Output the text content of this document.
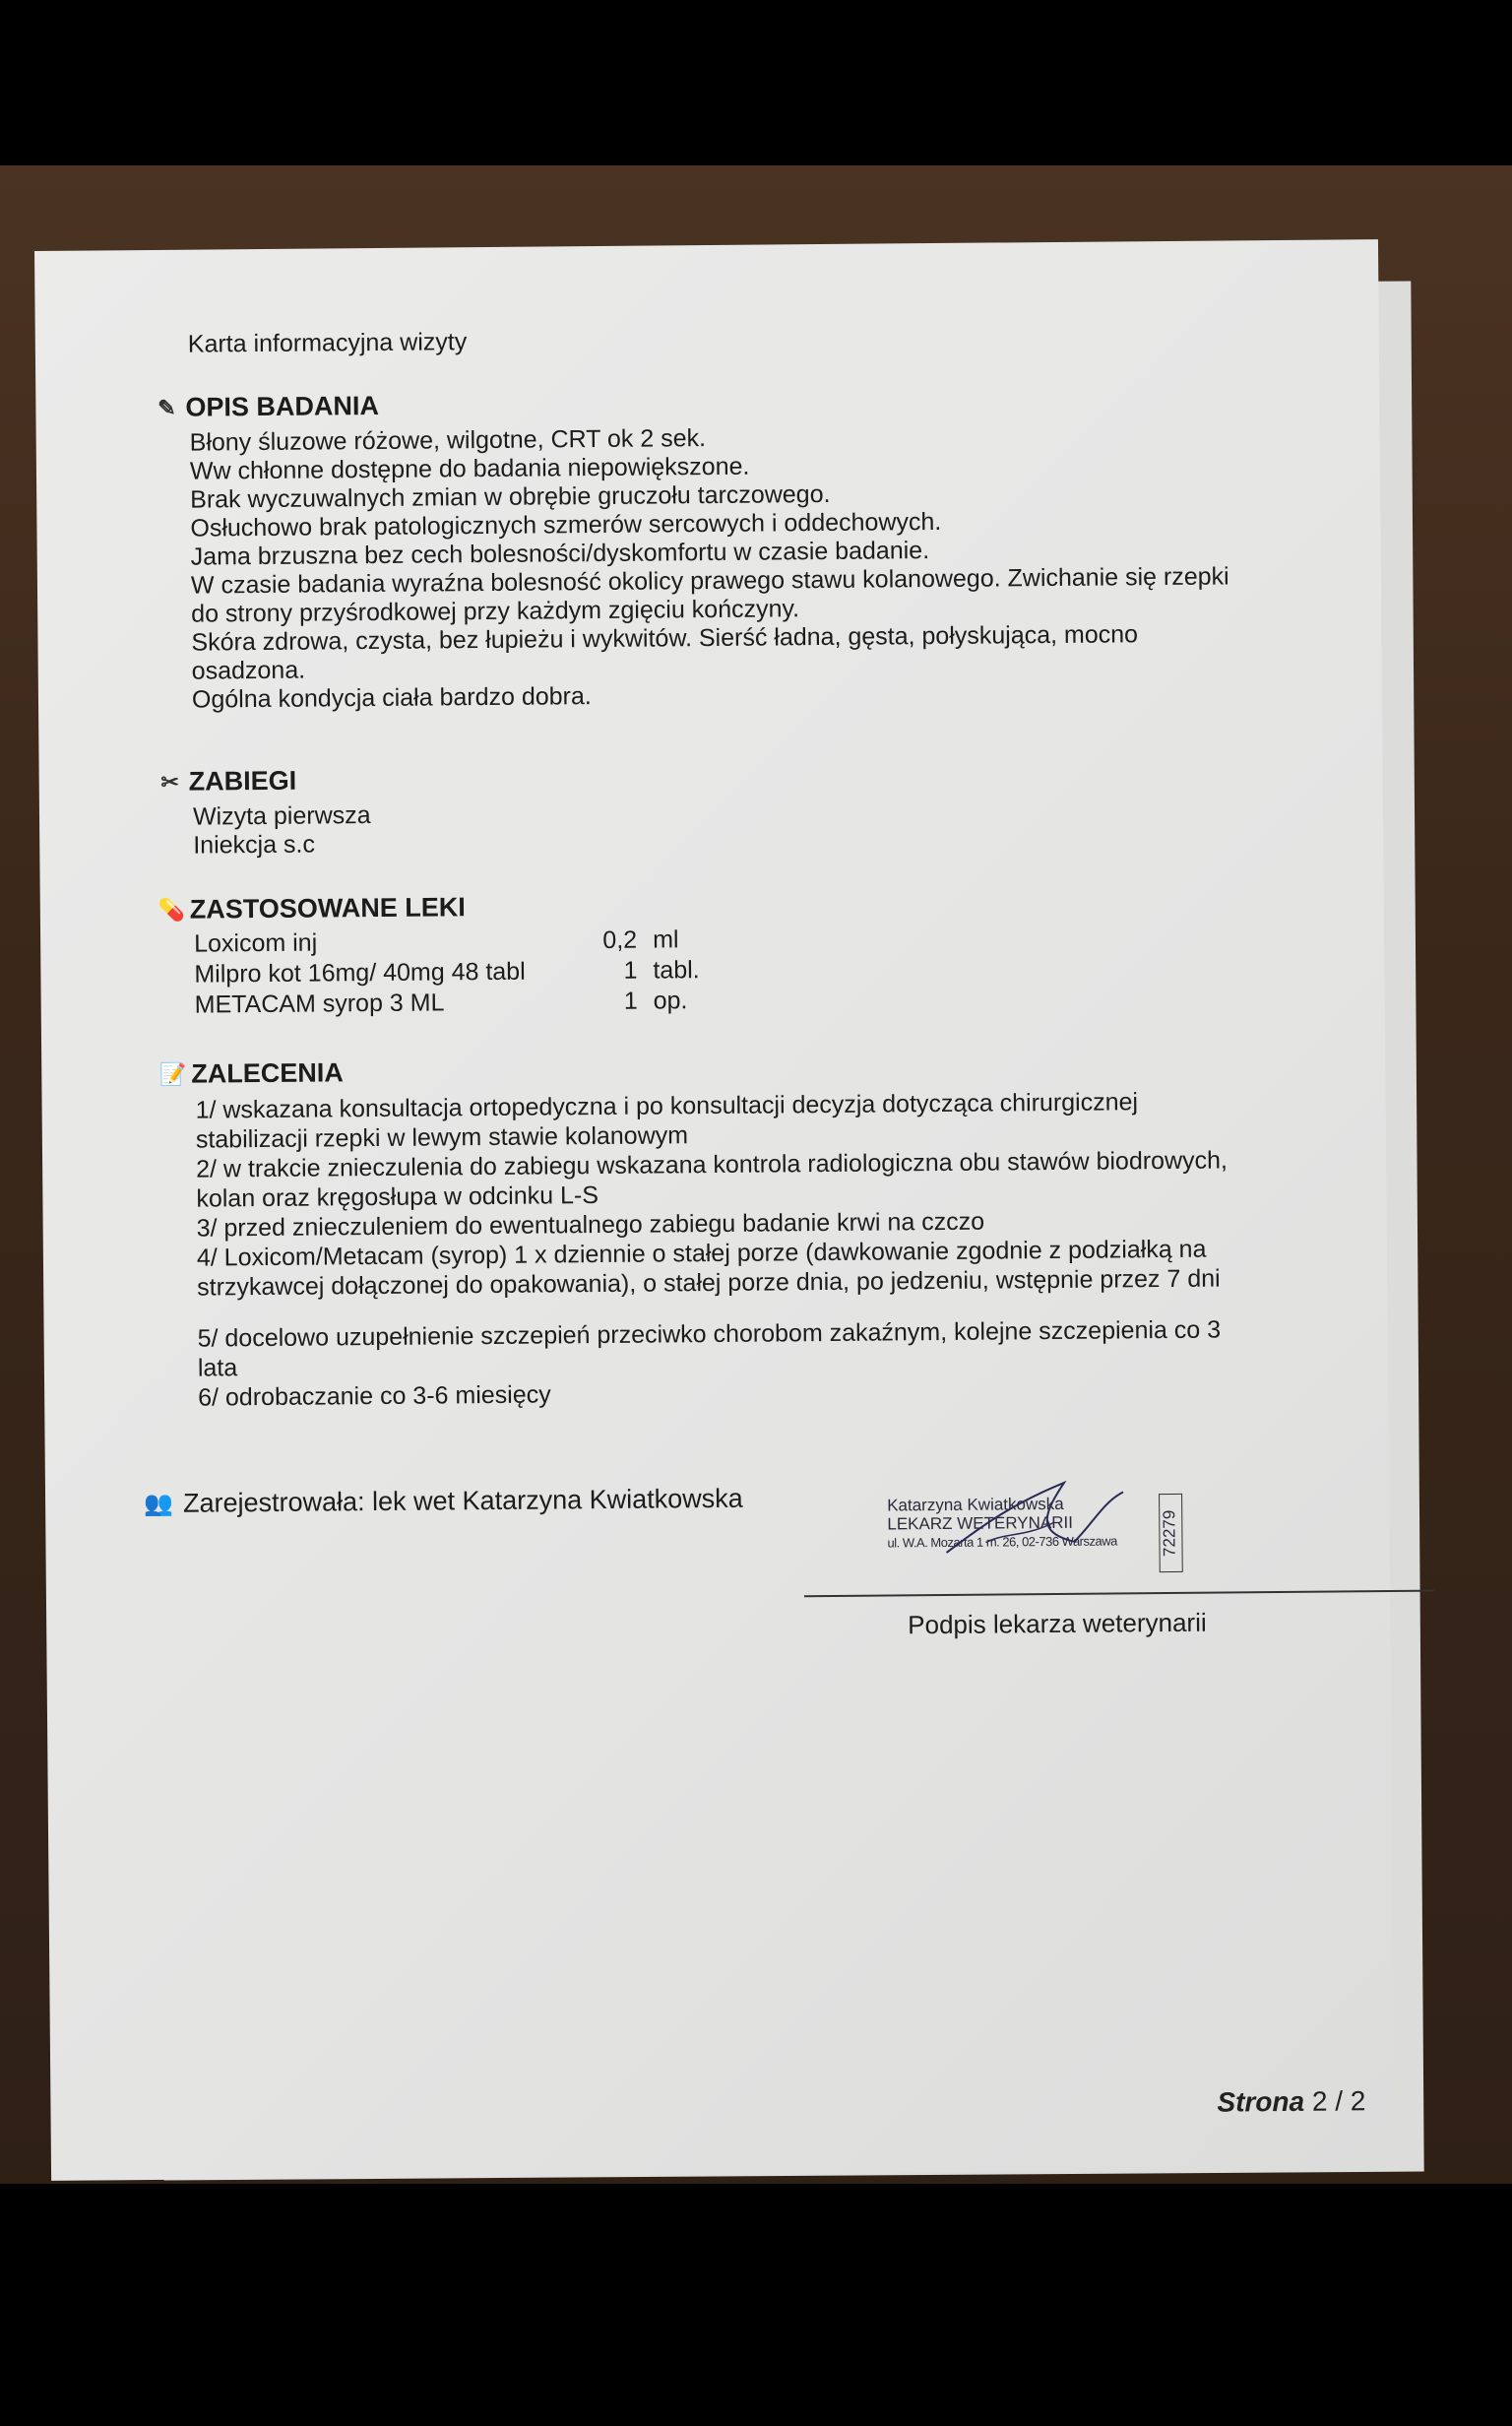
Karta informacyjna wizyty
✎ OPIS BADANIA
Błony śluzowe różowe, wilgotne, CRT ok 2 sek.
Ww chłonne dostępne do badania niepowiększone.
Brak wyczuwalnych zmian w obrębie gruczołu tarczowego.
Osłuchowo brak patologicznych szmerów sercowych i oddechowych.
Jama brzuszna bez cech bolesności/dyskomfortu w czasie badanie.
W czasie badania wyraźna bolesność okolicy prawego stawu kolanowego. Zwichanie się rzepki
do strony przyśrodkowej przy każdym zgięciu kończyny.
Skóra zdrowa, czysta, bez łupieżu i wykwitów. Sierść ładna, gęsta, połyskująca, mocno
osadzona.
Ogólna kondycja ciała bardzo dobra.
✂ ZABIEGI
Wizyta pierwsza
Iniekcja s.c
💊 ZASTOSOWANE LEKI
Loxicom inj	0,2	ml
Milpro kot 16mg/ 40mg 48 tabl	1	tabl.
METACAM syrop 3 ML	1	op.
📝 ZALECENIA
1/ wskazana konsultacja ortopedyczna i po konsultacji decyzja dotycząca chirurgicznej
stabilizacji rzepki w lewym stawie kolanowym
2/ w trakcie znieczulenia do zabiegu wskazana kontrola radiologiczna obu stawów biodrowych,
kolan oraz kręgosłupa w odcinku L-S
3/ przed znieczuleniem do ewentualnego zabiegu badanie krwi na czczo
4/ Loxicom/Metacam (syrop) 1 x dziennie o stałej porze (dawkowanie zgodnie z podziałką na
strzykawcej dołączonej do opakowania), o stałej porze dnia, po jedzeniu, wstępnie przez 7 dni
5/ docelowo uzupełnienie szczepień przeciwko chorobom zakaźnym, kolejne szczepienia co 3
lata
6/ odrobaczanie co 3-6 miesięcy
👥 Zarejestrowała: lek wet Katarzyna Kwiatkowska	Katarzyna Kwiatkowska
LEKARZ WETERYNARII
ul. W.A. Mozarta 1 m. 26, 02-736 Warszawa	72279
Podpis lekarza weterynarii
Strona 2 / 2
